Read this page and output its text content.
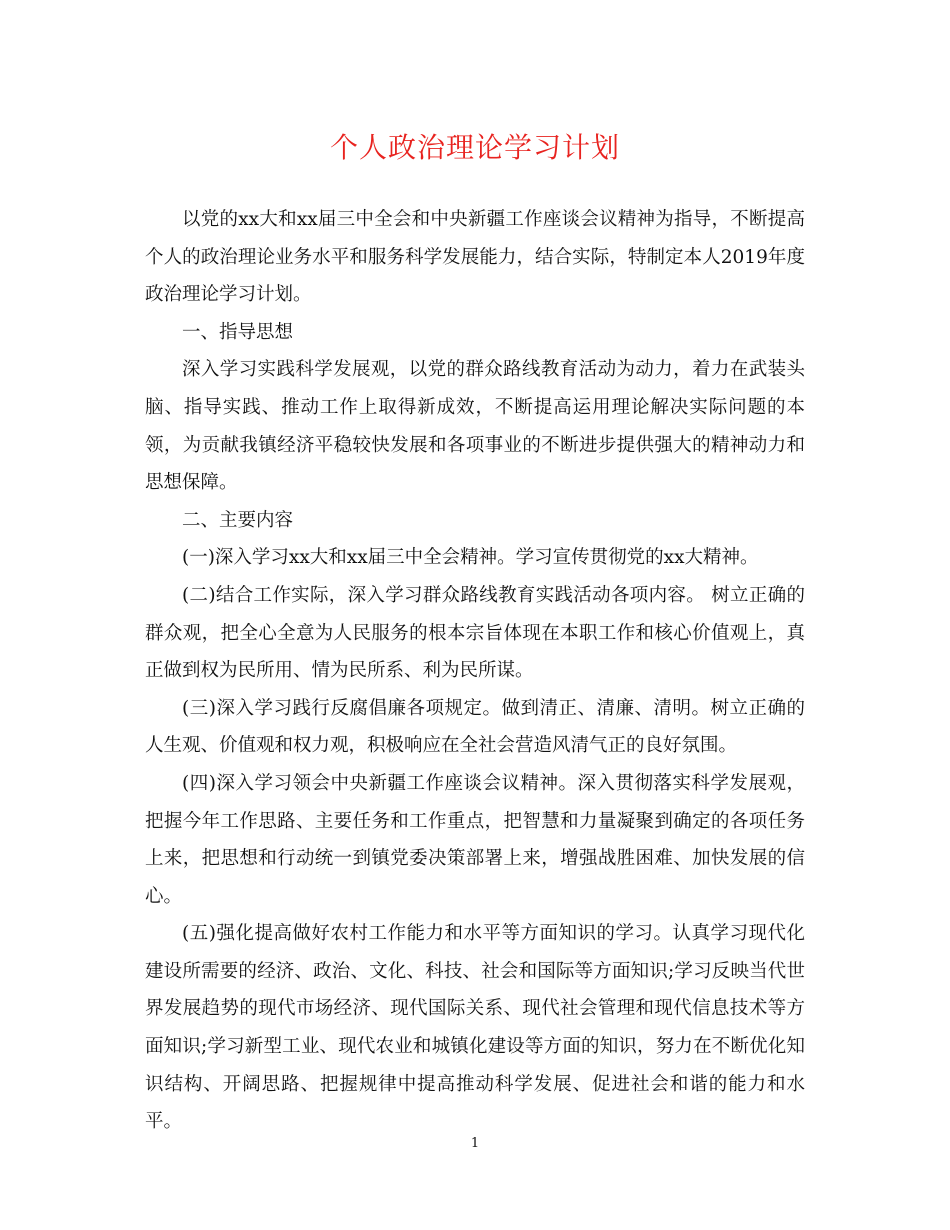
个人政治理论学习计划

以党的xx大和xx届三中全会和中央新疆工作座谈会议精神为指导，不断提高个人的政治理论业务水平和服务科学发展能力，结合实际，特制定本人2019年度政治理论学习计划。

一、指导思想

深入学习实践科学发展观，以党的群众路线教育活动为动力，着力在武装头脑、指导实践、推动工作上取得新成效，不断提高运用理论解决实际问题的本领，为贡献我镇经济平稳较快发展和各项事业的不断进步提供强大的精神动力和思想保障。

二、主要内容

(一)深入学习xx大和xx届三中全会精神。学习宣传贯彻党的xx大精神。

(二)结合工作实际，深入学习群众路线教育实践活动各项内容。 树立正确的群众观，把全心全意为人民服务的根本宗旨体现在本职工作和核心价值观上，真正做到权为民所用、情为民所系、利为民所谋。

(三)深入学习践行反腐倡廉各项规定。做到清正、清廉、清明。树立正确的人生观、价值观和权力观，积极响应在全社会营造风清气正的良好氛围。

(四)深入学习领会中央新疆工作座谈会议精神。深入贯彻落实科学发展观，把握今年工作思路、主要任务和工作重点，把智慧和力量凝聚到确定的各项任务上来，把思想和行动统一到镇党委决策部署上来，增强战胜困难、加快发展的信心。

(五)强化提高做好农村工作能力和水平等方面知识的学习。认真学习现代化建设所需要的经济、政治、文化、科技、社会和国际等方面知识;学习反映当代世界发展趋势的现代市场经济、现代国际关系、现代社会管理和现代信息技术等方面知识;学习新型工业、现代农业和城镇化建设等方面的知识，努力在不断优化知识结构、开阔思路、把握规律中提高推动科学发展、促进社会和谐的能力和水平。

1
